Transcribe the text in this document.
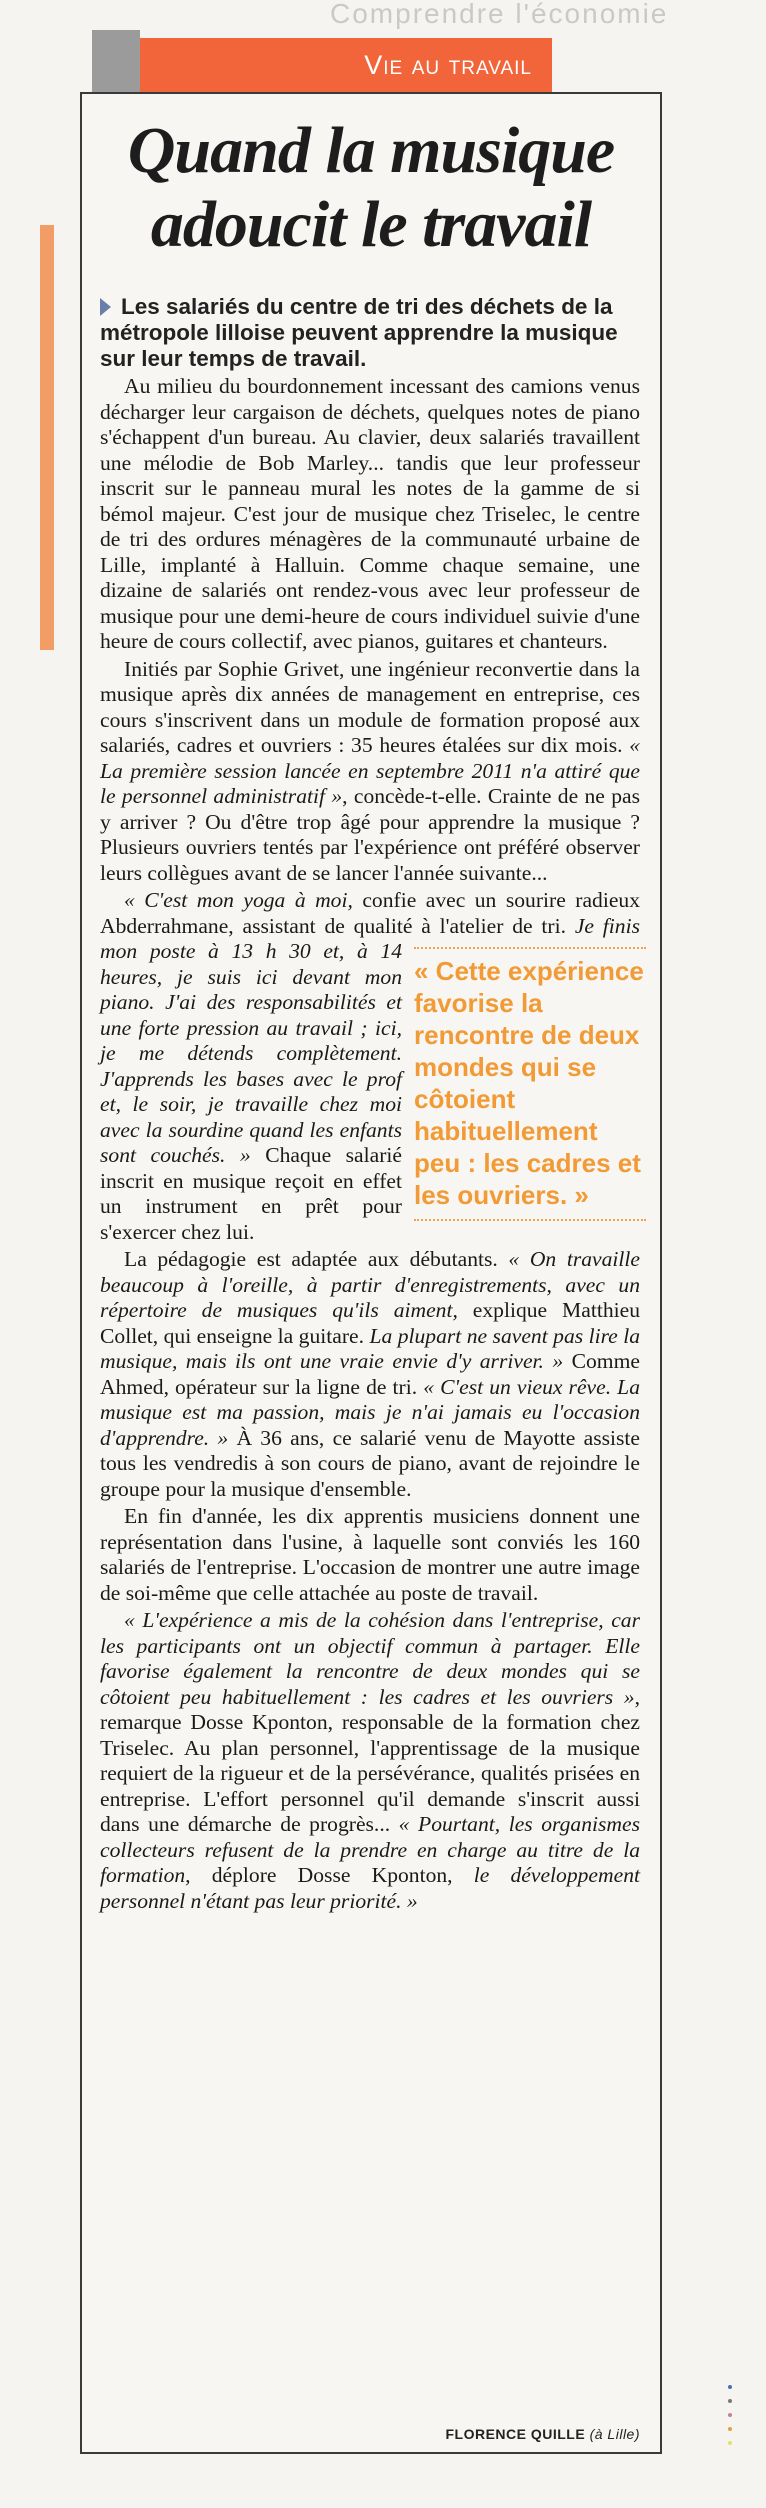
Comprendre l'économie
Vie au travail
Quand la musique
adoucit le travail

Les salariés du centre de tri des déchets de la métropole lilloise peuvent apprendre la musique sur leur temps de travail.

Au milieu du bourdonnement incessant des camions venus décharger leur cargaison de déchets, quelques notes de piano s'échappent d'un bureau. Au clavier, deux salariés travaillent une mélodie de Bob Marley... tandis que leur professeur inscrit sur le panneau mural les notes de la gamme de si bémol majeur. C'est jour de musique chez Triselec, le centre de tri des ordures ménagères de la communauté urbaine de Lille, implanté à Halluin. Comme chaque semaine, une dizaine de salariés ont rendez-vous avec leur professeur de musique pour une demi-heure de cours individuel suivie d'une heure de cours collectif, avec pianos, guitares et chanteurs.

Initiés par Sophie Grivet, une ingénieur reconvertie dans la musique après dix années de management en entreprise, ces cours s'inscrivent dans un module de formation proposé aux salariés, cadres et ouvriers : 35 heures étalées sur dix mois. « La première session lancée en septembre 2011 n'a attiré que le personnel administratif », concède-t-elle. Crainte de ne pas y arriver ? Ou d'être trop âgé pour apprendre la musique ? Plusieurs ouvriers tentés par l'expérience ont préféré observer leurs collègues avant de se lancer l'année suivante...

« C'est mon yoga à moi, confie avec un sourire radieux Abderrahmane, assistant de qualité à l'atelier de tri.
« Cette expérience favorise la rencontre de deux mondes qui se côtoient habituellement peu : les cadres et les ouvriers. »
Je finis mon poste à 13 h 30 et, à 14 heures, je suis ici devant mon piano. J'ai des responsabilités et une forte pression au travail ; ici, je me détends complètement. J'apprends les bases avec le prof et, le soir, je travaille chez moi avec la sourdine quand les enfants sont couchés. » Chaque salarié inscrit en musique reçoit en effet un instrument en prêt pour s'exercer chez lui.

La pédagogie est adaptée aux débutants. « On travaille beaucoup à l'oreille, à partir d'enregistrements, avec un répertoire de musiques qu'ils aiment, explique Matthieu Collet, qui enseigne la guitare. La plupart ne savent pas lire la musique, mais ils ont une vraie envie d'y arriver. » Comme Ahmed, opérateur sur la ligne de tri. « C'est un vieux rêve. La musique est ma passion, mais je n'ai jamais eu l'occasion d'apprendre. » À 36 ans, ce salarié venu de Mayotte assiste tous les vendredis à son cours de piano, avant de rejoindre le groupe pour la musique d'ensemble.

En fin d'année, les dix apprentis musiciens donnent une représentation dans l'usine, à laquelle sont conviés les 160 salariés de l'entreprise. L'occasion de montrer une autre image de soi-même que celle attachée au poste de travail.

« L'expérience a mis de la cohésion dans l'entreprise, car les participants ont un objectif commun à partager. Elle favorise également la rencontre de deux mondes qui se côtoient peu habituellement : les cadres et les ouvriers », remarque Dosse Kponton, responsable de la formation chez Triselec. Au plan personnel, l'apprentissage de la musique requiert de la rigueur et de la persévérance, qualités prisées en entreprise. L'effort personnel qu'il demande s'inscrit aussi dans une démarche de progrès... « Pourtant, les organismes collecteurs refusent de la prendre en charge au titre de la formation, déplore Dosse Kponton, le développement personnel n'étant pas leur priorité. »

FLORENCE QUILLE (à Lille)
